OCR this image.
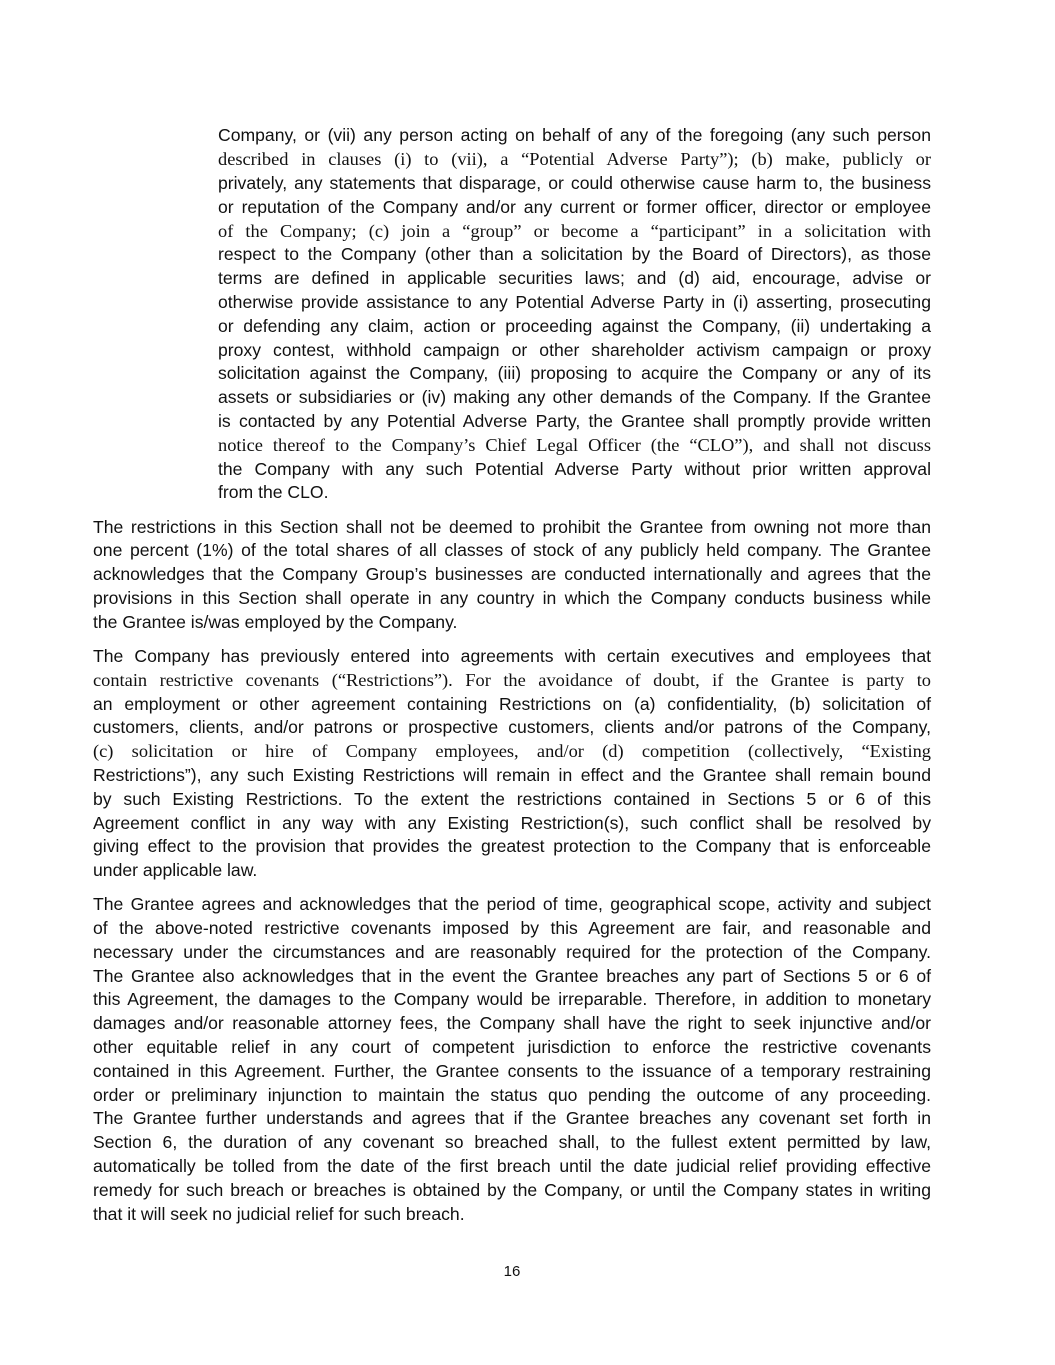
Company, or (vii) any person acting on behalf of any of the foregoing (any such person
described in clauses (i) to (vii), a “Potential Adverse Party”); (b) make, publicly or
privately, any statements that disparage, or could otherwise cause harm to, the business
or reputation of the Company and/or any current or former officer, director or employee
of the Company; (c) join a “group” or become a “participant” in a solicitation with
respect to the Company (other than a solicitation by the Board of Directors), as those
terms are defined in applicable securities laws; and (d) aid, encourage, advise or
otherwise provide assistance to any Potential Adverse Party in (i) asserting, prosecuting
or defending any claim, action or proceeding against the Company, (ii) undertaking a
proxy contest, withhold campaign or other shareholder activism campaign or proxy
solicitation against the Company, (iii) proposing to acquire the Company or any of its
assets or subsidiaries or (iv) making any other demands of the Company. If the Grantee
is contacted by any Potential Adverse Party, the Grantee shall promptly provide written
notice thereof to the Company’s Chief Legal Officer (the “CLO”), and shall not discuss
the Company with any such Potential Adverse Party without prior written approval
from the CLO.
The restrictions in this Section shall not be deemed to prohibit the Grantee from owning not more than
one percent (1%) of the total shares of all classes of stock of any publicly held company. The Grantee
acknowledges that the Company Group’s businesses are conducted internationally and agrees that the
provisions in this Section shall operate in any country in which the Company conducts business while
the Grantee is/was employed by the Company.
The Company has previously entered into agreements with certain executives and employees that
contain restrictive covenants (“Restrictions”). For the avoidance of doubt, if the Grantee is party to
an employment or other agreement containing Restrictions on (a) confidentiality, (b) solicitation of
customers, clients, and/or patrons or prospective customers, clients and/or patrons of the Company,
(c) solicitation or hire of Company employees, and/or (d) competition (collectively, “Existing
Restrictions”), any such Existing Restrictions will remain in effect and the Grantee shall remain bound
by such Existing Restrictions. To the extent the restrictions contained in Sections 5 or 6 of this
Agreement conflict in any way with any Existing Restriction(s), such conflict shall be resolved by
giving effect to the provision that provides the greatest protection to the Company that is enforceable
under applicable law.
The Grantee agrees and acknowledges that the period of time, geographical scope, activity and subject
of the above-noted restrictive covenants imposed by this Agreement are fair, and reasonable and
necessary under the circumstances and are reasonably required for the protection of the Company.
The Grantee also acknowledges that in the event the Grantee breaches any part of Sections 5 or 6 of
this Agreement, the damages to the Company would be irreparable. Therefore, in addition to monetary
damages and/or reasonable attorney fees, the Company shall have the right to seek injunctive and/or
other equitable relief in any court of competent jurisdiction to enforce the restrictive covenants
contained in this Agreement. Further, the Grantee consents to the issuance of a temporary restraining
order or preliminary injunction to maintain the status quo pending the outcome of any proceeding.
The Grantee further understands and agrees that if the Grantee breaches any covenant set forth in
Section 6, the duration of any covenant so breached shall, to the fullest extent permitted by law,
automatically be tolled from the date of the first breach until the date judicial relief providing effective
remedy for such breach or breaches is obtained by the Company, or until the Company states in writing
that it will seek no judicial relief for such breach.
16
